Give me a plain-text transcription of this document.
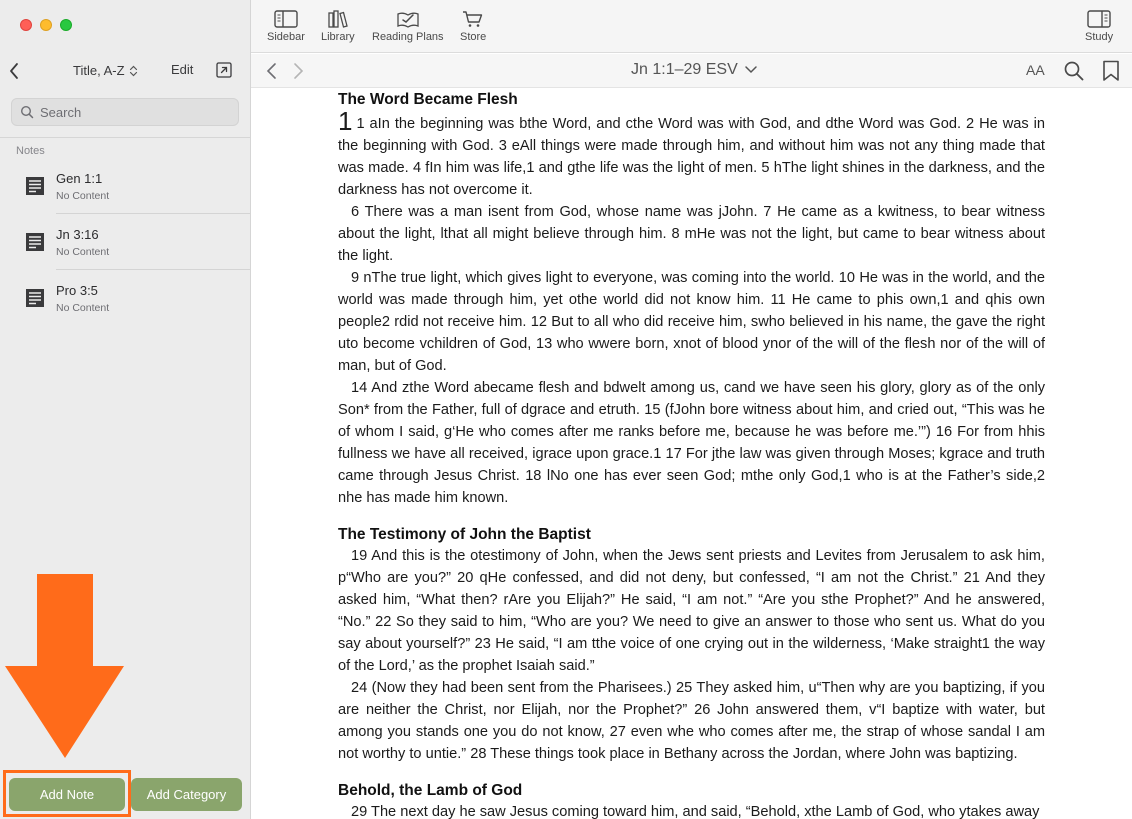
Title, A-Z	Edit
Search
Notes
Gen 1:1
No Content
Jn 3:16
No Content
Pro 3:5
No Content
Add Note	Add Category
Sidebar Library Reading Plans Store	Study
Jn 1:1–29 ESV	AA
The Word Became Flesh

1 1 aIn the beginning was bthe Word, and cthe Word was with God, and dthe Word was God. 2 He was in the beginning with God. 3 eAll things were made through him, and without him was not any thing made that was made. 4 fIn him was life,1 and gthe life was the light of men. 5 hThe light shines in the darkness, and the darkness has not overcome it.

6 There was a man isent from God, whose name was jJohn. 7 He came as a kwitness, to bear witness about the light, lthat all might believe through him. 8 mHe was not the light, but came to bear witness about the light.

9 nThe true light, which gives light to everyone, was coming into the world. 10 He was in the world, and the world was made through him, yet othe world did not know him. 11 He came to phis own,1 and qhis own people2 rdid not receive him. 12 But to all who did receive him, swho believed in his name, the gave the right uto become vchildren of God, 13 who wwere born, xnot of blood ynor of the will of the flesh nor of the will of man, but of God.

14 And zthe Word abecame flesh and bdwelt among us, cand we have seen his glory, glory as of the only Son* from the Father, full of dgrace and etruth. 15 (fJohn bore witness about him, and cried out, “This was he of whom I said, g‘He who comes after me ranks before me, because he was before me.’”) 16 For from hhis fullness we have all received, igrace upon grace.1 17 For jthe law was given through Moses; kgrace and truth came through Jesus Christ. 18 lNo one has ever seen God; mthe only God,1 who is at the Father’s side,2 nhe has made him known.

The Testimony of John the Baptist

19 And this is the otestimony of John, when the Jews sent priests and Levites from Jerusalem to ask him, p“Who are you?” 20 qHe confessed, and did not deny, but confessed, “I am not the Christ.” 21 And they asked him, “What then? rAre you Elijah?” He said, “I am not.” “Are you sthe Prophet?” And he answered, “No.” 22 So they said to him, “Who are you? We need to give an answer to those who sent us. What do you say about yourself?” 23 He said, “I am tthe voice of one crying out in the wilderness, ‘Make straight1 the way of the Lord,’ as the prophet Isaiah said.”

24 (Now they had been sent from the Pharisees.) 25 They asked him, u“Then why are you baptizing, if you are neither the Christ, nor Elijah, nor the Prophet?” 26 John answered them, v“I baptize with water, but among you stands one you do not know, 27 even whe who comes after me, the strap of whose sandal I am not worthy to untie.” 28 These things took place in Bethany across the Jordan, where John was baptizing.

Behold, the Lamb of God

29 The next day he saw Jesus coming toward him, and said, “Behold, xthe Lamb of God, who ytakes away
